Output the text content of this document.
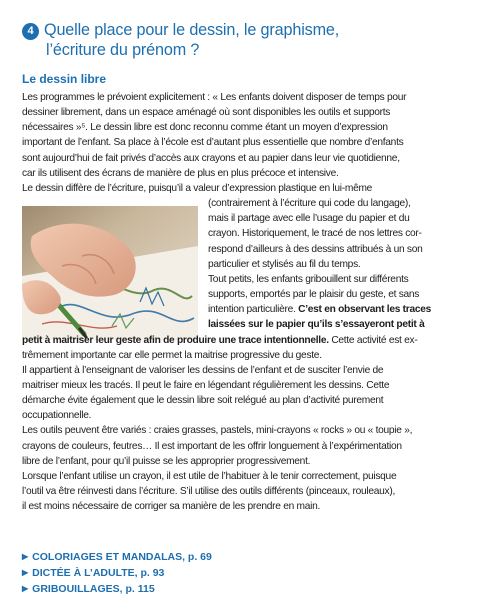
4 Quelle place pour le dessin, le graphisme,
l’écriture du prénom ?
Le dessin libre
Les programmes le prévoient explicitement : « Les enfants doivent disposer de temps pour
dessiner librement, dans un espace aménagé où sont disponibles les outils et supports
nécessaires »⁵. Le dessin libre est donc reconnu comme étant un moyen d’expression
important de l’enfant. Sa place à l’école est d’autant plus essentielle que nombre d’enfants
sont aujourd’hui de fait privés d’accès aux crayons et au papier dans leur vie quotidienne,
car ils utilisent des écrans de manière de plus en plus précoce et intensive.
Le dessin diffère de l’écriture, puisqu’il a valeur d’expression plastique en lui-même
(contrairement à l’écriture qui code du langage),
mais il partage avec elle l’usage du papier et du
crayon. Historiquement, le tracé de nos lettres cor-
respond d’ailleurs à des dessins attribués à un son
particulier et stylisés au fil du temps.
Tout petits, les enfants gribouillent sur différents
supports, emportés par le plaisir du geste, et sans
intention particulière. C’est en observant les traces
laissées sur le papier qu’ils s’essayeront petit à
petit à maitriser leur geste afin de produire une trace intentionnelle. Cette activité est ex-
trêmement importante car elle permet la maitrise progressive du geste.
Il appartient à l’enseignant de valoriser les dessins de l’enfant et de susciter l’envie de
maitriser mieux les tracés. Il peut le faire en légendant régulièrement les dessins. Cette
démarche évite également que le dessin libre soit relégué au plan d’activité purement
occupationnelle.
Les outils peuvent être variés : craies grasses, pastels, mini-crayons « rocks » ou « toupie »,
crayons de couleurs, feutres… Il est important de les offrir longuement à l’expérimentation
libre de l’enfant, pour qu’il puisse se les approprier progressivement.
Lorsque l’enfant utilise un crayon, il est utile de l’habituer à le tenir correctement, puisque
l’outil va être réinvesti dans l’écriture. S’il utilise des outils différents (pinceaux, rouleaux),
il est moins nécessaire de corriger sa manière de les prendre en main.
▶ COLORIAGES ET MANDALAS, p. 69
▶ DICTÉE À L’ADULTE, p. 93
▶ GRIBOUILLAGES, p. 115
